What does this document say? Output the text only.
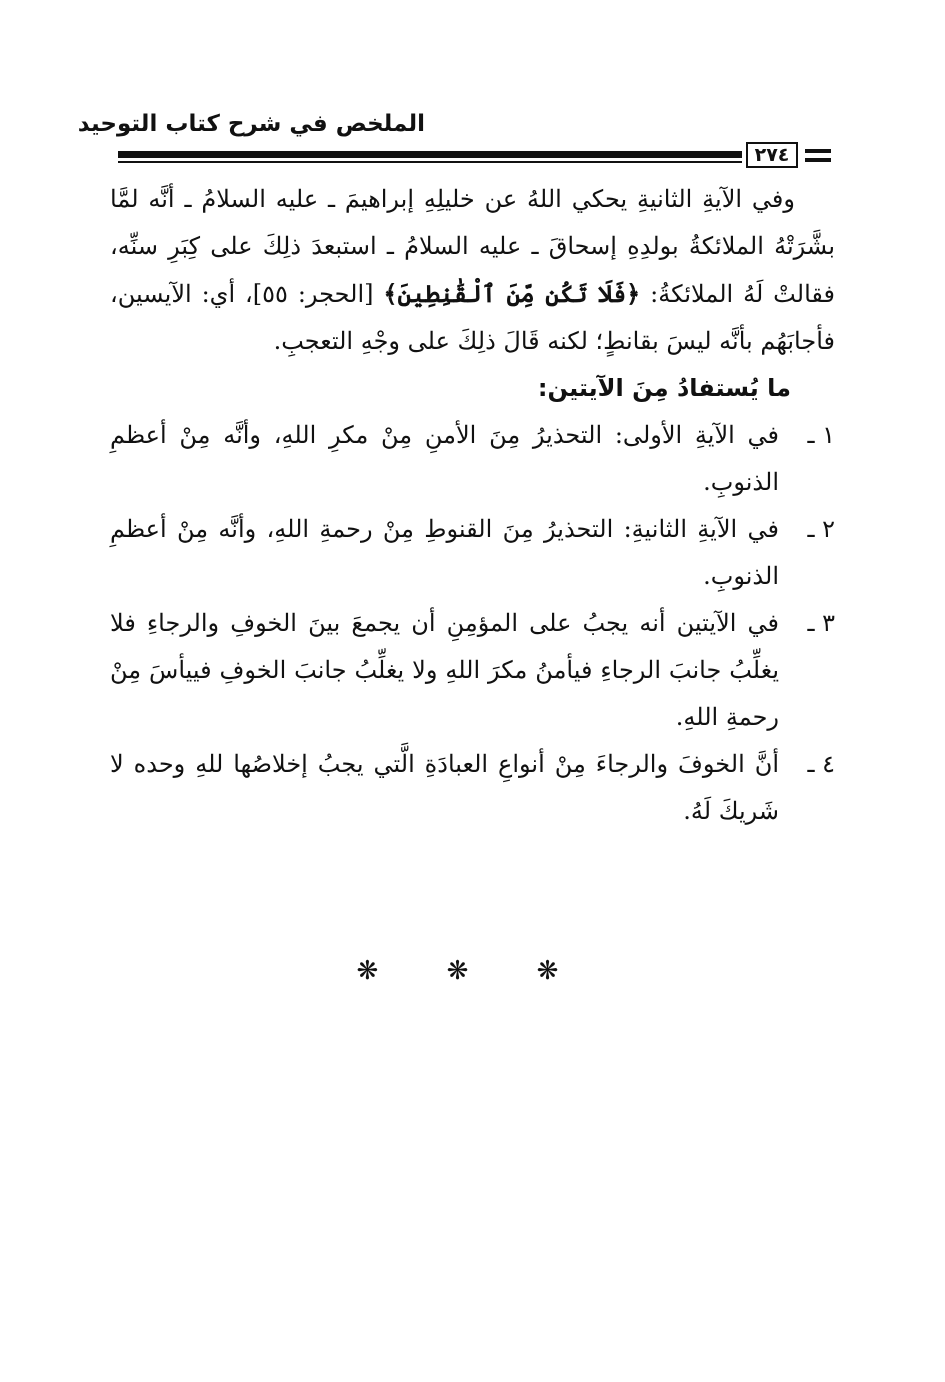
الملخص في شرح كتاب التوحيد
٢٧٤

وفي الآيةِ الثانيةِ يحكي اللهُ عن خليلِهِ إبراهيمَ ـ عليه السلامُ ـ أنَّه لمَّا بشَّرَتْهُ الملائكةُ بولدِهِ إسحاقَ ـ عليه السلامُ ـ استبعدَ ذلِكَ على كِبَرِ سنِّه، فقالتْ لَهُ الملائكةُ: ﴿فَلَا تَكُن مِّنَ ٱلْقَٰنِطِينَ﴾ [الحجر: ٥٥]، أي: الآيسين، فأجابَهُم بأنَّه ليسَ بقانطٍ؛ لكنه قَالَ ذلِكَ على وجْهِ التعجبِ.

ما يُستفادُ مِنَ الآيتين:

١ ـ
في الآيةِ الأولى: التحذيرُ مِنَ الأمنِ مِنْ مكرِ اللهِ، وأنَّه مِنْ أعظمِ الذنوبِ.
٢ ـ
في الآيةِ الثانيةِ: التحذيرُ مِنَ القنوطِ مِنْ رحمةِ اللهِ، وأنَّه مِنْ أعظمِ الذنوبِ.
٣ ـ
في الآيتين أنه يجبُ على المؤمِنِ أن يجمعَ بينَ الخوفِ والرجاءِ فلا يغلِّبُ جانبَ الرجاءِ فيأمنُ مكرَ اللهِ ولا يغلِّبُ جانبَ الخوفِ فييأسَ مِنْ رحمةِ اللهِ.
٤ ـ
أنَّ الخوفَ والرجاءَ مِنْ أنواعِ العبادَةِ الَّتي يجبُ إخلاصُها للهِ وحده لا شَريكَ لَهُ.
❋ ❋ ❋
